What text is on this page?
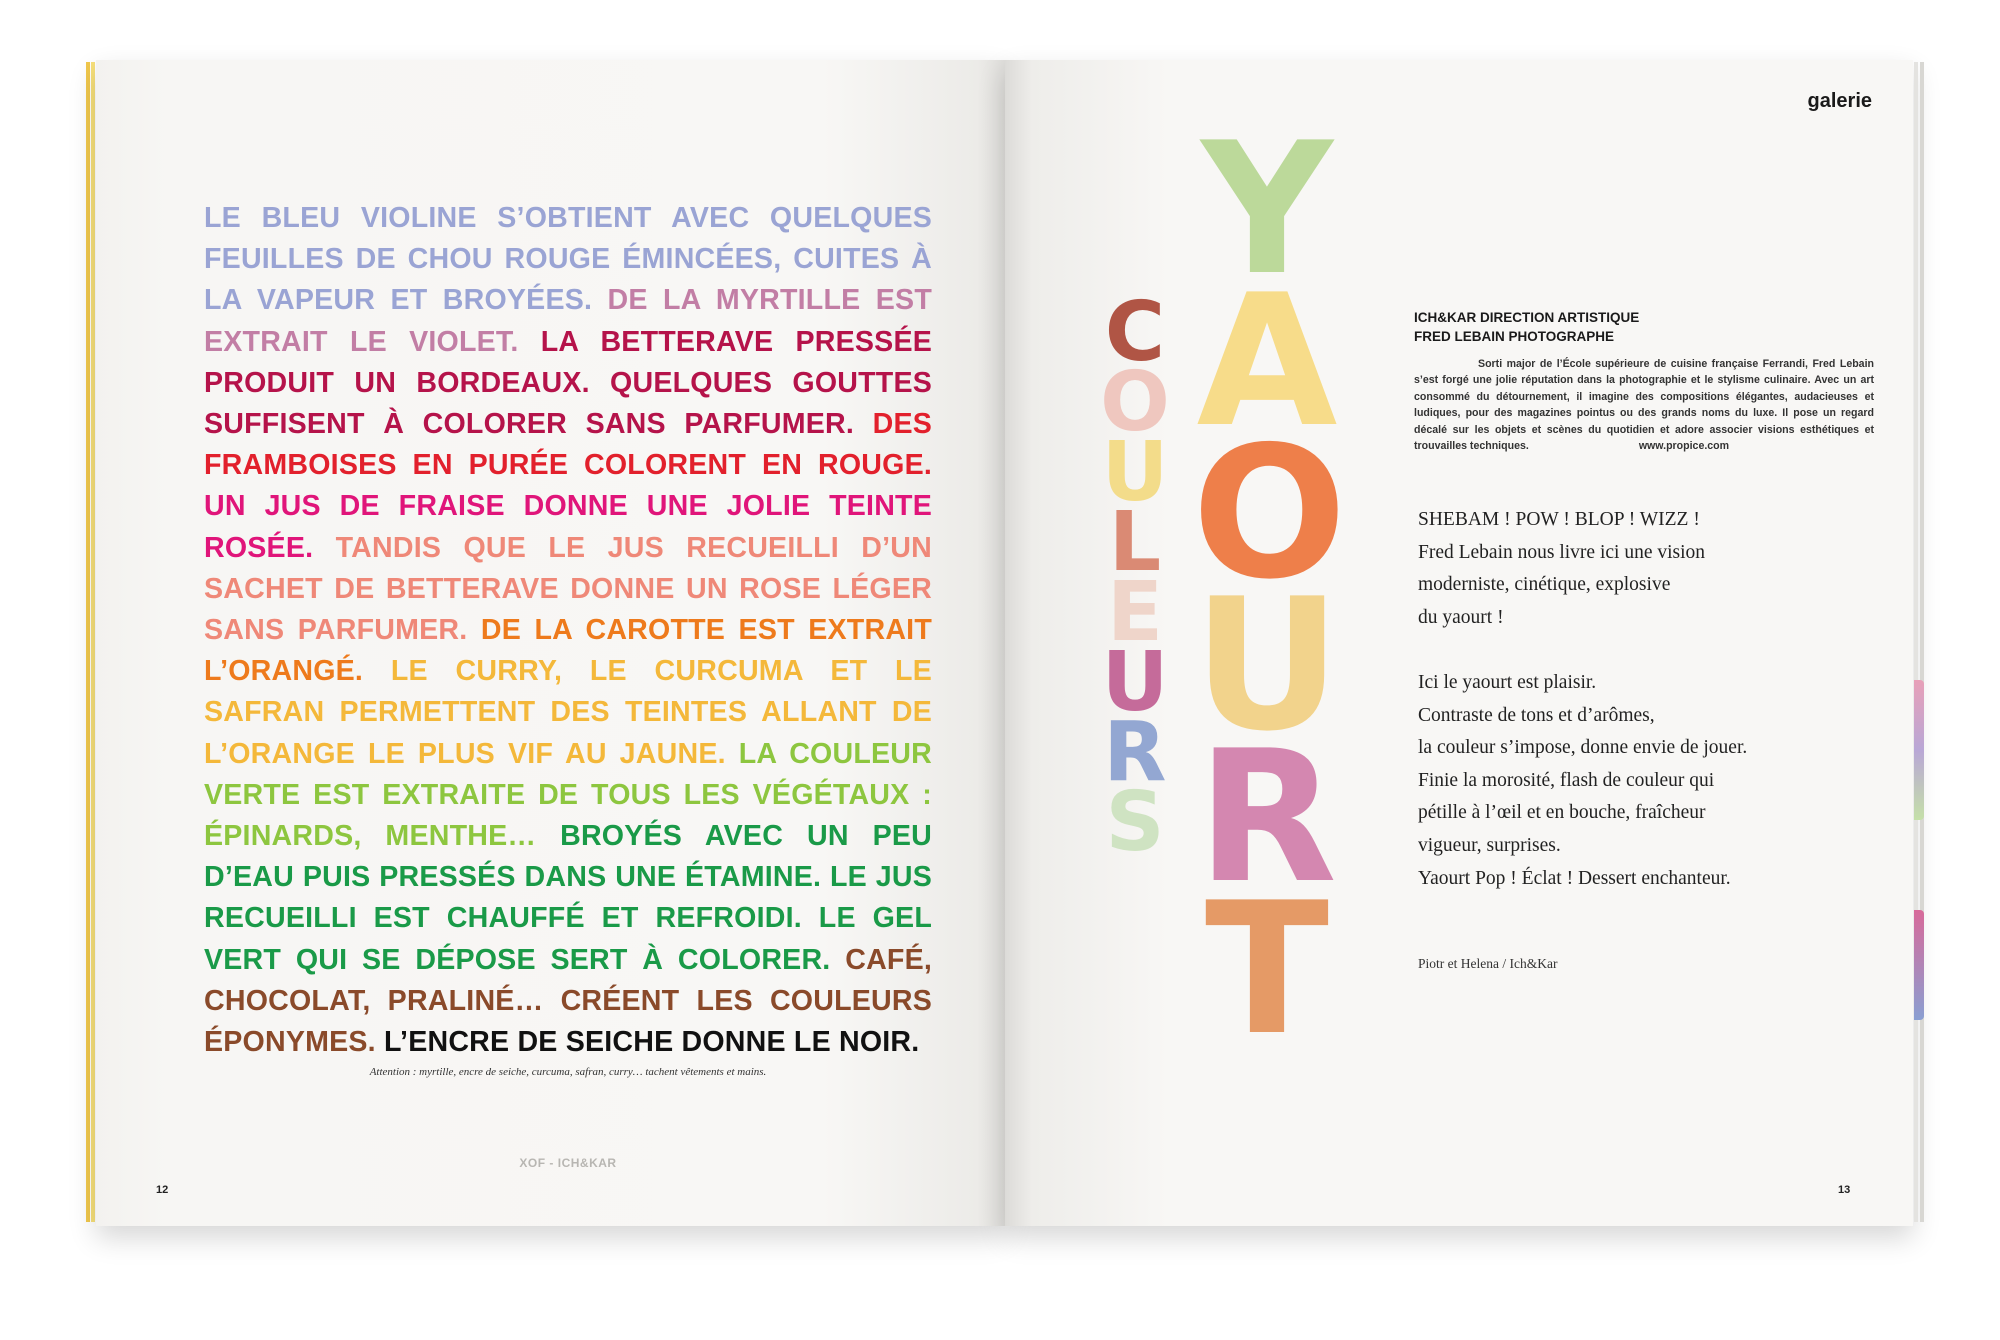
LE BLEU VIOLINE S’OBTIENT AVEC QUELQUES FEUILLES DE CHOU ROUGE ÉMINCÉES, CUITES À LA VAPEUR ET BROYÉES. DE LA MYRTILLE EST EXTRAIT LE VIOLET. LA BETTERAVE PRESSÉE PRODUIT UN BORDEAUX. QUELQUES GOUTTES SUFFISENT À COLORER SANS PARFUMER. DES FRAMBOISES EN PURÉE COLORENT EN ROUGE. UN JUS DE FRAISE DONNE UNE JOLIE TEINTE ROSÉE. TANDIS QUE LE JUS RECUEILLI D’UN SACHET DE BETTERAVE DONNE UN ROSE LÉGER SANS PARFUMER. DE LA CAROTTE EST EXTRAIT L’ORANGÉ. LE CURRY, LE CURCUMA ET LE SAFRAN PERMETTENT DES TEINTES ALLANT DE L’ORANGE LE PLUS VIF AU JAUNE. LA COULEUR VERTE EST EXTRAITE DE TOUS LES VÉGÉTAUX : ÉPINARDS, MENTHE… BROYÉS AVEC UN PEU D’EAU PUIS PRESSÉS DANS UNE ÉTAMINE. LE JUS RECUEILLI EST CHAUFFÉ ET REFROIDI. LE GEL VERT QUI SE DÉPOSE SERT À COLORER. CAFÉ, CHOCOLAT, PRALINÉ… CRÉENT LES COULEURS ÉPONYMES. L’ENCRE DE SEICHE DONNE LE NOIR.
Attention : myrtille, encre de seiche, curcuma, safran, curry… tachent vêtements et mains.
XOF - ICH&KAR
12
galerie
Y
A
O
U
R
T
C
O
U
L
E
U
R
S
ICH&KAR DIRECTION ARTISTIQUE
FRED LEBAIN PHOTOGRAPHE
Sorti major de l’École supérieure de cuisine française Ferrandi, Fred Lebain s’est forgé une jolie réputation dans la photographie et le stylisme culinaire. Avec un art consommé du détournement, il imagine des compositions élégantes, audacieuses et ludiques, pour des magazines pointus ou des grands noms du luxe. Il pose un regard décalé sur les objets et scènes du quotidien et adore associer visions esthétiques et trouvailles techniques.	www.propice.com
SHEBAM ! POW ! BLOP ! WIZZ !
Fred Lebain nous livre ici une vision
moderniste, cinétique, explosive
du yaourt !
Ici le yaourt est plaisir.
Contraste de tons et d’arômes,
la couleur s’impose, donne envie de jouer.
Finie la morosité, flash de couleur qui
pétille à l’œil et en bouche, fraîcheur
vigueur, surprises.
Yaourt Pop ! Éclat ! Dessert enchanteur.
Piotr et Helena / Ich&Kar
13
